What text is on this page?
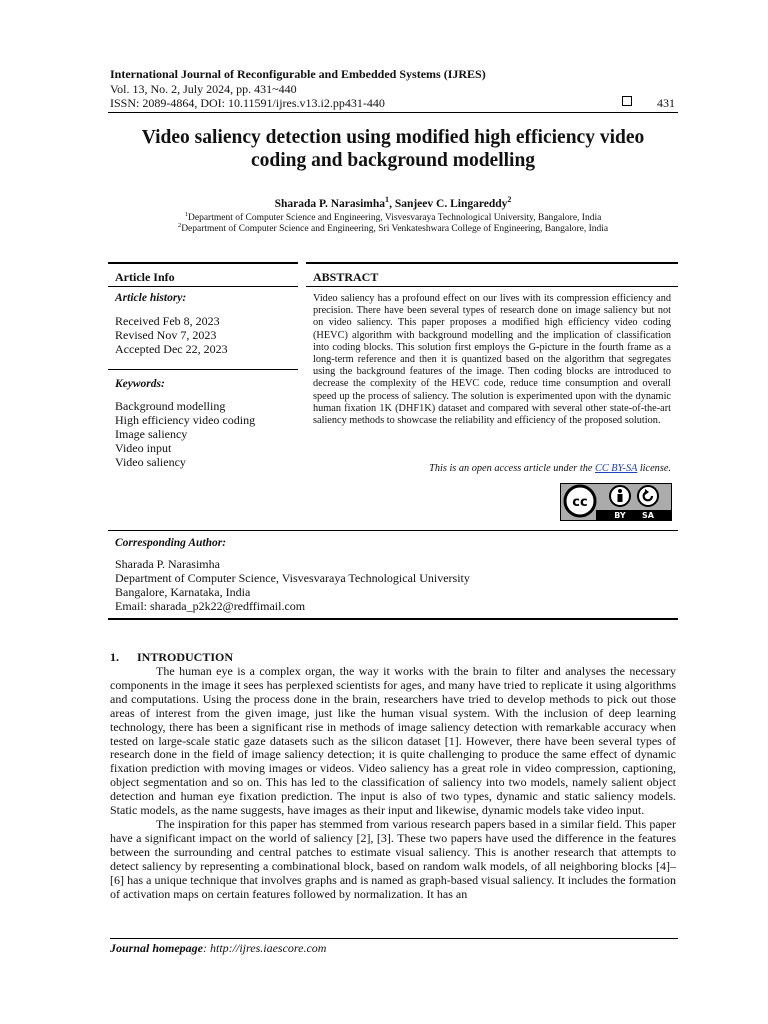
International Journal of Reconfigurable and Embedded Systems (IJRES)
Vol. 13, No. 2, July 2024, pp. 431~440
ISSN: 2089-4864, DOI: 10.11591/ijres.v13.i2.pp431-440	431
Video saliency detection using modified high efficiency video
coding and background modelling
Sharada P. Narasimha$^1$, Sanjeev C. Lingareddy$^2$
$^1$Department of Computer Science and Engineering, Visvesvaraya Technological University, Bangalore, India
$^2$Department of Computer Science and Engineering, Sri Venkateshwara College of Engineering, Bangalore, India
Article Info
Article history:
Received Feb 8, 2023
Revised Nov 7, 2023
Accepted Dec 22, 2023
Keywords:
Background modelling
High efficiency video coding
Image saliency
Video input
Video saliency
ABSTRACT
Video saliency has a profound effect on our lives with its compression efficiency and precision. There have been several types of research done on image saliency but not on video saliency. This paper proposes a modified high efficiency video coding (HEVC) algorithm with background modelling and the implication of classification into coding blocks. This solution first employs the G-picture in the fourth frame as a long-term reference and then it is quantized based on the algorithm that segregates using the background features of the image. Then coding blocks are introduced to decrease the complexity of the HEVC code, reduce time consumption and overall speed up the process of saliency. The solution is experimented upon with the dynamic human fixation 1K (DHF1K) dataset and compared with several other state-of-the-art saliency methods to showcase the reliability and efficiency of the proposed solution.
This is an open access article under the CC BY-SA license.
cc
BY SA
Corresponding Author:
Sharada P. Narasimha
Department of Computer Science, Visvesvaraya Technological University
Bangalore, Karnataka, India
Email: sharada_p2k22@redffimail.com
1.      INTRODUCTION

The human eye is a complex organ, the way it works with the brain to filter and analyses the necessary components in the image it sees has perplexed scientists for ages, and many have tried to replicate it using algorithms and computations. Using the process done in the brain, researchers have tried to develop methods to pick out those areas of interest from the given image, just like the human visual system. With the inclusion of deep learning technology, there has been a significant rise in methods of image saliency detection with remarkable accuracy when tested on large-scale static gaze datasets such as the silicon dataset [1]. However, there have been several types of research done in the field of image saliency detection; it is quite challenging to produce the same effect of dynamic fixation prediction with moving images or videos. Video saliency has a great role in video compression, captioning, object segmentation and so on. This has led to the classification of saliency into two models, namely salient object detection and human eye fixation prediction. The input is also of two types, dynamic and static saliency models. Static models, as the name suggests, have images as their input and likewise, dynamic models take video input.

The inspiration for this paper has stemmed from various research papers based in a similar field. This paper have a significant impact on the world of saliency [2], [3]. These two papers have used the difference in the features between the surrounding and central patches to estimate visual saliency. This is another research that attempts to detect saliency by representing a combinational block, based on random walk models, of all neighboring blocks [4]–[6] has a unique technique that involves graphs and is named as graph-based visual saliency. It includes the formation of activation maps on certain features followed by normalization. It has an

Journal homepage: http://ijres.iaescore.com
